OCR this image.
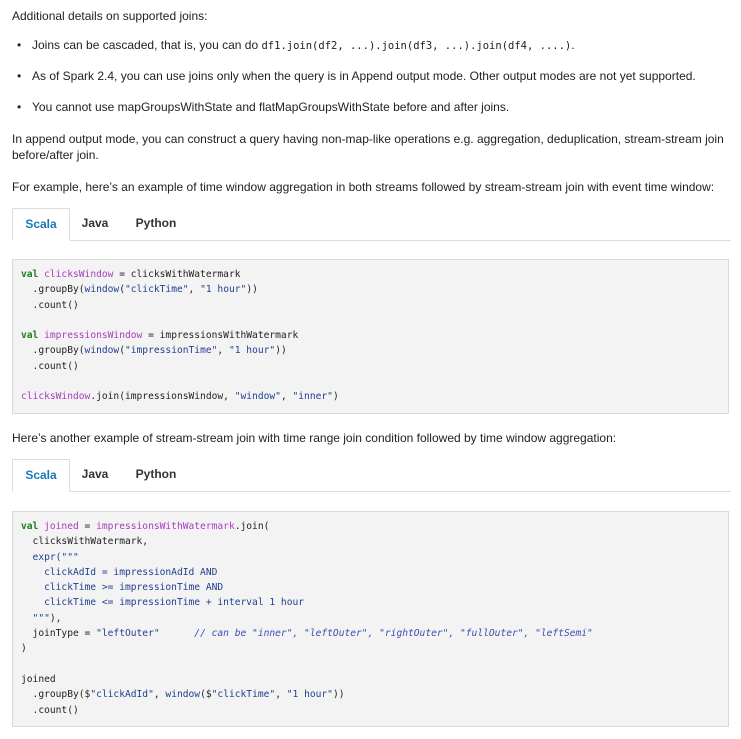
Additional details on supported joins:

• Joins can be cascaded, that is, you can do df1.join(df2, ...).join(df3, ...).join(df4, ....).
• As of Spark 2.4, you can use joins only when the query is in Append output mode. Other output modes are not yet supported.
• You cannot use mapGroupsWithState and flatMapGroupsWithState before and after joins.

In append output mode, you can construct a query having non-map-like operations e.g. aggregation, deduplication, stream-stream join before/after join.

For example, here’s an example of time window aggregation in both streams followed by stream-stream join with event time window:

Scala	Java	Python
val clicksWindow = clicksWithWatermark
.groupBy(window("clickTime", "1 hour"))
.count()

val impressionsWindow = impressionsWithWatermark
.groupBy(window("impressionTime", "1 hour"))
.count()

clicksWindow.join(impressionsWindow, "window", "inner")

Here’s another example of stream-stream join with time range join condition followed by time window aggregation:

Scala	Java	Python
val joined = impressionsWithWatermark.join(
clicksWithWatermark,
expr("""
clickAdId = impressionAdId AND
clickTime >= impressionTime AND
clickTime <= impressionTime + interval 1 hour
"""),
joinType = "leftOuter"	// can be "inner", "leftOuter", "rightOuter", "fullOuter", "leftSemi"
)

joined
.groupBy($"clickAdId", window($"clickTime", "1 hour"))
.count()
